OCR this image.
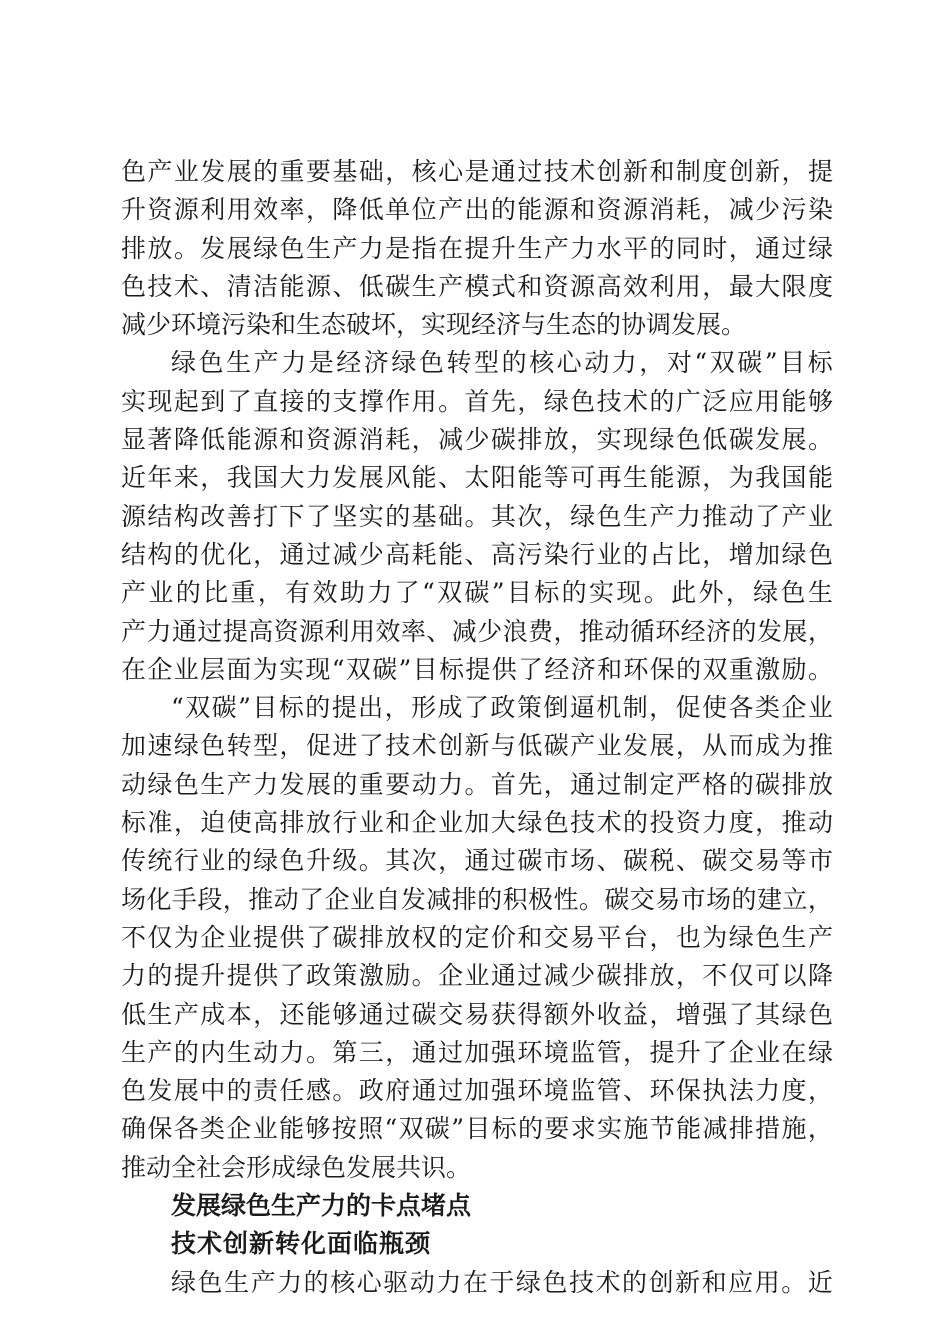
色 产 业 发 展 的 重 要 基 础 ， 核 心 是 通 过 技 术 创 新 和 制 度 创 新 ， 提
升 资 源 利 用 效 率 ， 降 低 单 位 产 出 的 能 源 和 资 源 消 耗 ， 减 少 污 染
排 放 。 发 展 绿 色 生 产 力 是 指 在 提 升 生 产 力 水 平 的 同 时 ， 通 过 绿
色 技 术 、 清 洁 能 源 、 低 碳 生 产 模 式 和 资 源 高 效 利 用 ， 最 大 限 度
减少环境污染和生态破坏，实现经济与生态的协调发展。
绿 色 生 产 力 是 经 济 绿 色 转 型 的 核 心 动 力 ， 对 “ 双 碳 ” 目 标
实 现 起 到 了 直 接 的 支 撑 作 用 。 首 先 ， 绿 色 技 术 的 广 泛 应 用 能 够
显 著 降 低 能 源 和 资 源 消 耗 ， 减 少 碳 排 放 ， 实 现 绿 色 低 碳 发 展 。
近 年 来 ， 我 国 大 力 发 展 风 能 、 太 阳 能 等 可 再 生 能 源 ， 为 我 国 能
源 结 构 改 善 打 下 了 坚 实 的 基 础 。 其 次 ， 绿 色 生 产 力 推 动 了 产 业
结 构 的 优 化 ， 通 过 减 少 高 耗 能 、 高 污 染 行 业 的 占 比 ， 增 加 绿 色
产 业 的 比 重 ， 有 效 助 力 了 “ 双 碳 ” 目 标 的 实 现 。 此 外 ， 绿 色 生
产 力 通 过 提 高 资 源 利 用 效 率 、 减 少 浪 费 ， 推 动 循 环 经 济 的 发 展 ，
在 企 业 层 面 为 实 现 “ 双 碳 ” 目 标 提 供 了 经 济 和 环 保 的 双 重 激 励 。
“ 双 碳 ” 目 标 的 提 出 ， 形 成 了 政 策 倒 逼 机 制 ， 促 使 各 类 企 业
加 速 绿 色 转 型 ， 促 进 了 技 术 创 新 与 低 碳 产 业 发 展 ， 从 而 成 为 推
动 绿 色 生 产 力 发 展 的 重 要 动 力 。 首 先 ， 通 过 制 定 严 格 的 碳 排 放
标 准 ， 迫 使 高 排 放 行 业 和 企 业 加 大 绿 色 技 术 的 投 资 力 度 ， 推 动
传 统 行 业 的 绿 色 升 级 。 其 次 ， 通 过 碳 市 场 、 碳 税 、 碳 交 易 等 市
场 化 手 段 ， 推 动 了 企 业 自 发 减 排 的 积 极 性 。 碳 交 易 市 场 的 建 立 ，
不 仅 为 企 业 提 供 了 碳 排 放 权 的 定 价 和 交 易 平 台 ， 也 为 绿 色 生 产
力 的 提 升 提 供 了 政 策 激 励 。 企 业 通 过 减 少 碳 排 放 ， 不 仅 可 以 降
低 生 产 成 本 ， 还 能 够 通 过 碳 交 易 获 得 额 外 收 益 ， 增 强 了 其 绿 色
生 产 的 内 生 动 力 。 第 三 ， 通 过 加 强 环 境 监 管 ， 提 升 了 企 业 在 绿
色 发 展 中 的 责 任 感 。 政 府 通 过 加 强 环 境 监 管 、 环 保 执 法 力 度 ，
确 保 各 类 企 业 能 够 按 照 “ 双 碳 ” 目 标 的 要 求 实 施 节 能 减 排 措 施 ，
推动全社会形成绿色发展共识。
发展绿色生产力的卡点堵点
技术创新转化面临瓶颈
绿 色 生 产 力 的 核 心 驱 动 力 在 于 绿 色 技 术 的 创 新 和 应 用 。 近
